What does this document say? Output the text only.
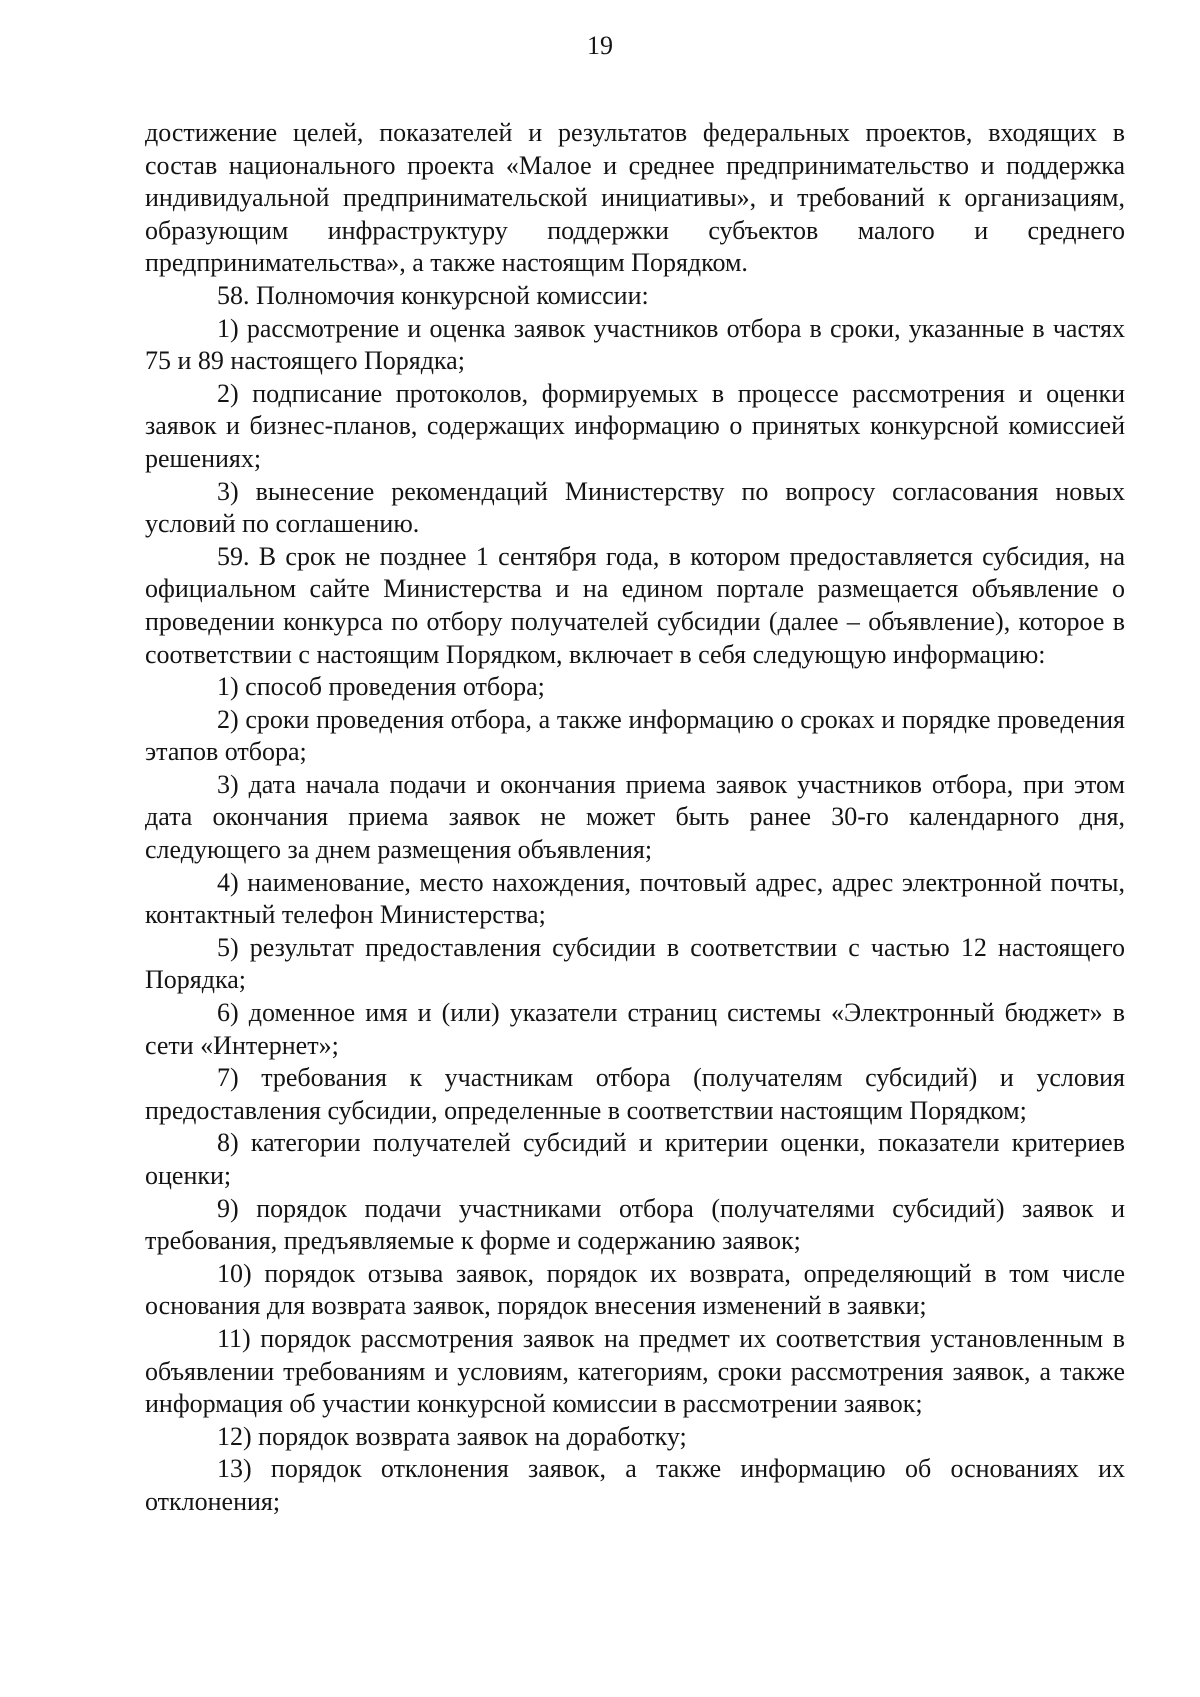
19

достижение целей, показателей и результатов федеральных проектов, входящих в состав национального проекта «Малое и среднее предпринимательство и поддержка индивидуальной предпринимательской инициативы», и требований к организациям, образующим инфраструктуру поддержки субъектов малого и среднего предпринимательства», а также настоящим Порядком.

58. Полномочия конкурсной комиссии:

1) рассмотрение и оценка заявок участников отбора в сроки, указанные в частях 75 и 89 настоящего Порядка;

2) подписание протоколов, формируемых в процессе рассмотрения и оценки заявок и бизнес-планов, содержащих информацию о принятых конкурсной комиссией решениях;

3) вынесение рекомендаций Министерству по вопросу согласования новых условий по соглашению.

59. В срок не позднее 1 сентября года, в котором предоставляется субсидия, на официальном сайте Министерства и на едином портале размещается объявление о проведении конкурса по отбору получателей субсидии (далее – объявление), которое в соответствии с настоящим Порядком, включает в себя следующую информацию:

1) способ проведения отбора;

2) сроки проведения отбора, а также информацию о сроках и порядке проведения этапов отбора;

3) дата начала подачи и окончания приема заявок участников отбора, при этом дата окончания приема заявок не может быть ранее 30-го календарного дня, следующего за днем размещения объявления;

4) наименование, место нахождения, почтовый адрес, адрес электронной почты, контактный телефон Министерства;

5) результат предоставления субсидии в соответствии с частью 12 настоящего Порядка;

6) доменное имя и (или) указатели страниц системы «Электронный бюджет» в сети «Интернет»;

7) требования к участникам отбора (получателям субсидий) и условия предоставления субсидии, определенные в соответствии настоящим Порядком;

8) категории получателей субсидий и критерии оценки, показатели критериев оценки;

9) порядок подачи участниками отбора (получателями субсидий) заявок и требования, предъявляемые к форме и содержанию заявок;

10) порядок отзыва заявок, порядок их возврата, определяющий в том числе основания для возврата заявок, порядок внесения изменений в заявки;

11) порядок рассмотрения заявок на предмет их соответствия установленным в объявлении требованиям и условиям, категориям, сроки рассмотрения заявок, а также информация об участии конкурсной комиссии в рассмотрении заявок;

12) порядок возврата заявок на доработку;

13) порядок отклонения заявок, а также информацию об основаниях их отклонения;
